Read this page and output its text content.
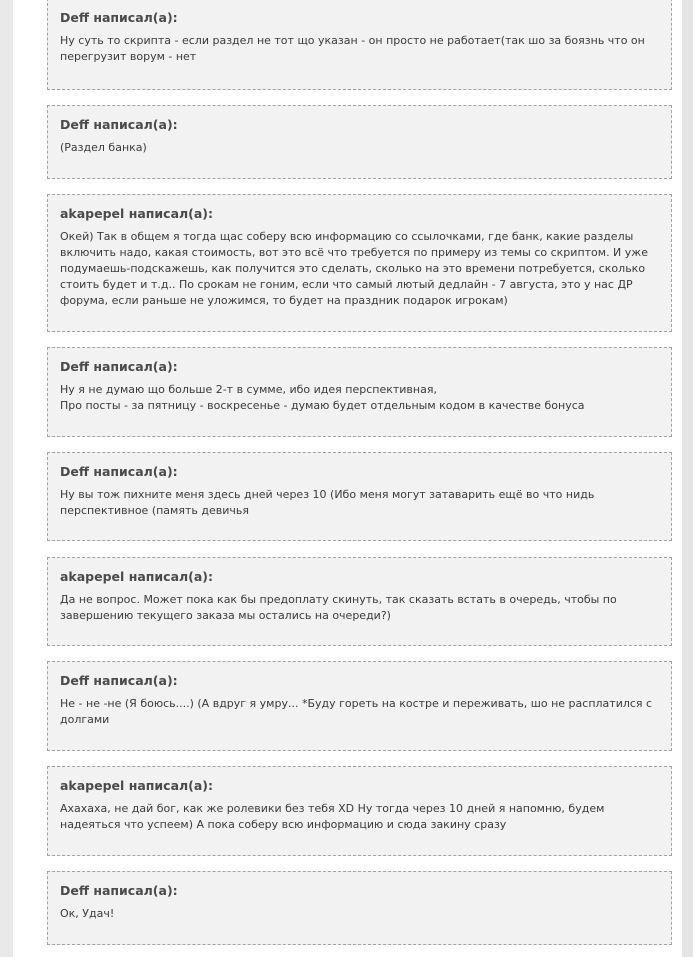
Deff написал(а):
Ну суть то скрипта - если раздел не тот що указан - он просто не работает(так шо за боязнь что он перегрузит ворум - нет
Deff написал(а):
(Раздел банка)
akapepel написал(а):
Окей) Так в общем я тогда щас соберу всю информацию со ссылочками, где банк, какие разделы включить надо, какая стоимость, вот это всё что требуется по примеру из темы со скриптом. И уже подумаешь-подскажешь, как получится это сделать, сколько на это времени потребуется, сколько стоить будет и т.д.. По срокам не гоним, если что самый лютый дедлайн - 7 августа, это у нас ДР форума, если раньше не уложимся, то будет на праздник подарок игрокам)
Deff написал(а):
Ну я не думаю що больше 2-т в сумме, ибо идея перспективная,
Про посты - за пятницу - воскресенье - думаю будет отдельным кодом в качестве бонуса
Deff написал(а):
Ну вы тож пихните меня здесь дней через 10 (Ибо меня могут затаварить ещё во что нидь перспективное (память девичья
akapepel написал(а):
Да не вопрос. Может пока как бы предоплату скинуть, так сказать встать в очередь, чтобы по завершению текущего заказа мы остались на очереди?)
Deff написал(а):
Не - не -не (Я боюсь....) (А вдруг я умру... *Буду гореть на костре и переживать, шо не расплатился с долгами
akapepel написал(а):
Ахахаха, не дай бог, как же ролевики без тебя XD Ну тогда через 10 дней я напомню, будем надеяться что успеем) А пока соберу всю информацию и сюда закину сразу
Deff написал(а):
Ок, Удач!
